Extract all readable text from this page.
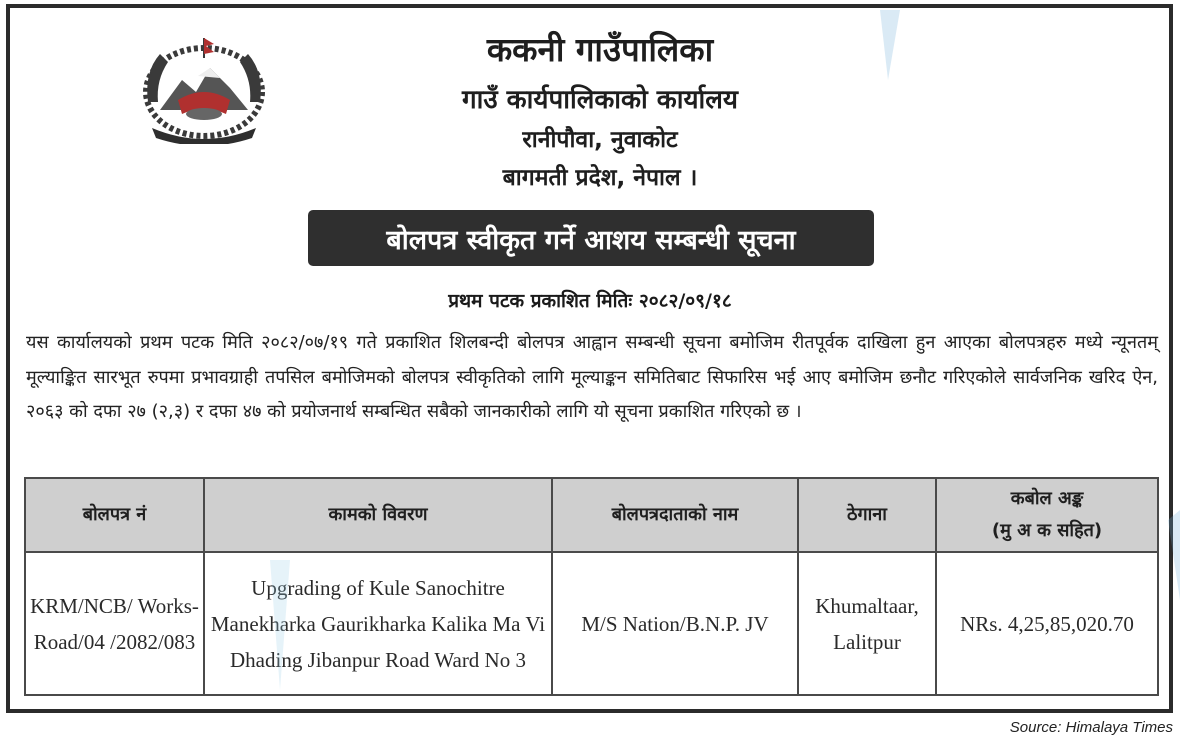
ककनी गाउँपालिका
गाउँ कार्यपालिकाको कार्यालय
रानीपौवा, नुवाकोट
बागमती प्रदेश, नेपाल ।
बोलपत्र स्वीकृत गर्ने आशय सम्बन्धी सूचना
प्रथम पटक प्रकाशित मितिः २०८२/०९/१८
यस कार्यालयको प्रथम पटक मिति २०८२/०७/१९ गते प्रकाशित शिलबन्दी बोलपत्र आह्वान सम्बन्धी सूचना बमोजिम रीतपूर्वक दाखिला हुन आएका बोलपत्रहरु मध्ये न्यूनतम् मूल्याङ्कित सारभूत रुपमा प्रभावग्राही तपसिल बमोजिमको बोलपत्र स्वीकृतिको लागि मूल्याङ्कन समितिबाट सिफारिस भई आए बमोजिम छनौट गरिएकोले सार्वजनिक खरिद ऐन, २०६३ को दफा २७ (२,३) र दफा ४७ को प्रयोजनार्थ सम्बन्धित सबैको जानकारीको लागि यो सूचना प्रकाशित गरिएको छ ।
बोलपत्र नं	कामको विवरण	बोलपत्रदाताको नाम	ठेगाना	कबोल अङ्क
(मु अ क सहित)

KRM/NCB/ Works-Road/04 /2082/083	Upgrading of Kule Sanochitre Manekharka Gaurikharka Kalika Ma Vi Dhading Jibanpur Road Ward No 3	M/S Nation/B.N.P. JV	Khumaltaar, Lalitpur	NRs. 4,25,85,020.70
Source: Himalaya Times
